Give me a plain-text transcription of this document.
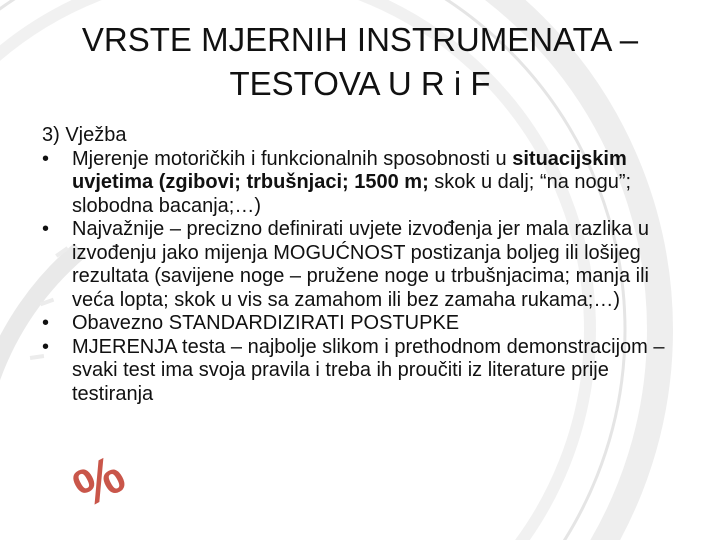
%
VRSTE MJERNIH INSTRUMENATA –
TESTOVA U R i F
3) Vježba
•	Mjerenje motoričkih i funkcionalnih sposobnosti u situacijskim uvjetima (zgibovi; trbušnjaci; 1500 m; skok u dalj; “na nogu”; slobodna bacanja;…)
•	Najvažnije – precizno definirati uvjete izvođenja jer mala razlika u izvođenju jako mijenja MOGUĆNOST postizanja boljeg ili lošijeg rezultata (savijene noge – pružene noge u trbušnjacima; manja ili veća lopta; skok u vis sa zamahom ili bez zamaha rukama;…)
•	Obavezno STANDARDIZIRATI POSTUPKE
•	MJERENJA testa – najbolje slikom i prethodnom demonstracijom – svaki test ima svoja pravila i treba ih proučiti iz literature prije testiranja
